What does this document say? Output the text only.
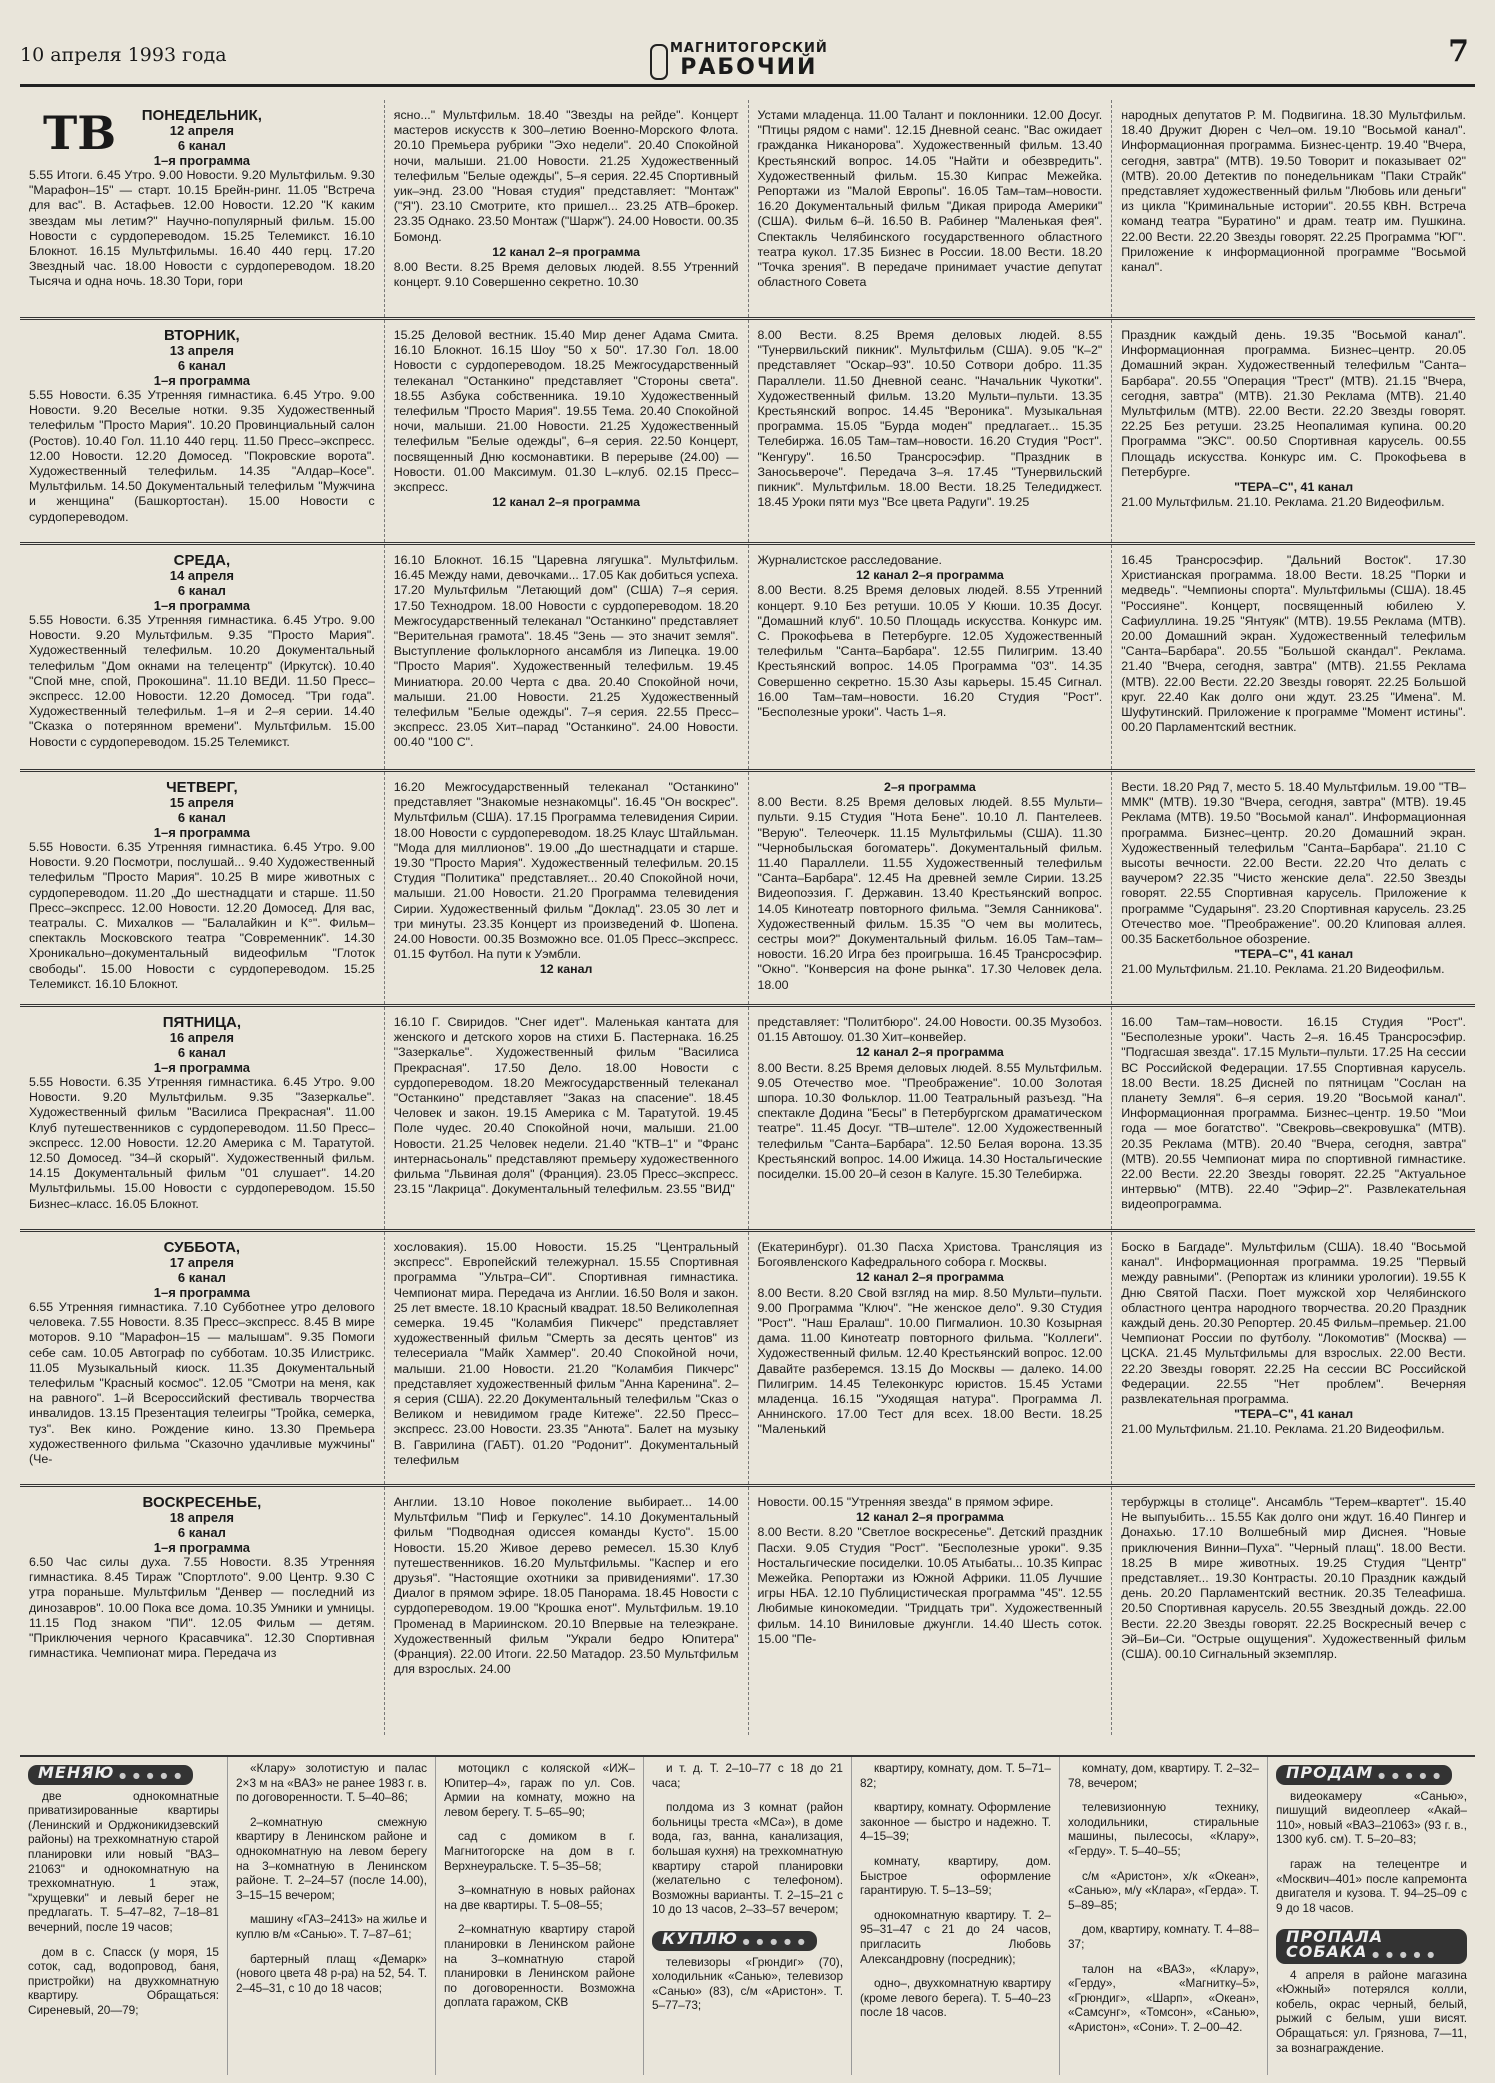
10 апреля 1993 года	МАГНИТОГОРСКИЙ
РАБОЧИЙ	7
ТВ	ПОНЕДЕЛЬНИК,
12 апреля
6 канал
1–я программа
5.55 Итоги. 6.45 Утро. 9.00 Новости. 9.20 Мультфильм. 9.30 "Марафон–15" — старт. 10.15 Брейн-ринг. 11.05 "Встреча для вас". В. Астафьев. 12.00 Новости. 12.20 "К каким звездам мы летим?" Научно-популярный фильм. 15.00 Новости с сурдопереводом. 15.25 Телемикст. 16.10 Блокнот. 16.15 Мультфильмы. 16.40 440 герц. 17.20 Звездный час. 18.00 Новости с сурдопереводом. 18.20 Тысяча и одна ночь. 18.30 Тори, гори
ясно..." Мультфильм. 18.40 "Звезды на рейде". Концерт мастеров искусств к 300–летию Военно-Морского Флота. 20.10 Премьера рубрики "Эхо недели". 20.40 Спокойной ночи, малыши. 21.00 Новости. 21.25 Художественный телефильм "Белые одежды", 5–я серия. 22.45 Спортивный уик–энд. 23.00 "Новая студия" представляет: "Монтаж" ("Я"). 23.10 Смотрите, кто пришел... 23.25 АТВ–брокер. 23.35 Однако. 23.50 Монтаж ("Шарж"). 24.00 Новости. 00.35 Бомонд.
12 канал 2–я программа
8.00 Вести. 8.25 Время деловых людей. 8.55 Утренний концерт. 9.10 Совершенно секретно. 10.30
Устами младенца. 11.00 Талант и поклонники. 12.00 Досуг. "Птицы рядом с нами". 12.15 Дневной сеанс. "Вас ожидает гражданка Никанорова". Художественный фильм. 13.40 Крестьянский вопрос. 14.05 "Найти и обезвредить". Художественный фильм. 15.30 Кипрас Межейка. Репортажи из "Малой Европы". 16.05 Там–там–новости. 16.20 Документальный фильм "Дикая природа Америки" (США). Фильм 6–й. 16.50 В. Рабинер "Маленькая фея". Спектакль Челябинского государственного областного театра кукол. 17.35 Бизнес в России. 18.00 Вести. 18.20 "Точка зрения". В передаче принимает участие депутат областного Совета
народных депутатов Р. М. Подвигина. 18.30 Мультфильм. 18.40 Дружит Дюрен с Чел–ом. 19.10 "Восьмой канал". Информационная программа. Бизнес-центр. 19.40 "Вчера, сегодня, завтра" (МТВ). 19.50 Товорит и показывает 02" (МТВ). 20.00 Детектив по понедельникам "Паки Страйк" представляет художественный фильм "Любовь или деньги" из цикла "Криминальные истории". 20.55 КВН. Встреча команд театра "Буратино" и драм. театр им. Пушкина. 22.00 Вести. 22.20 Звезды говорят. 22.25 Программа "ЮГ". Приложение к информационной программе "Восьмой канал".
ВТОРНИК,
13 апреля
6 канал
1–я программа
5.55 Новости. 6.35 Утренняя гимнастика. 6.45 Утро. 9.00 Новости. 9.20 Веселые нотки. 9.35 Художественный телефильм "Просто Мария". 10.20 Провинциальный салон (Ростов). 10.40 Гол. 11.10 440 герц. 11.50 Пресс–экспресс. 12.00 Новости. 12.20 Домосед. "Покровские ворота". Художественный телефильм. 14.35 "Алдар–Косе". Мультфильм. 14.50 Документальный телефильм "Мужчина и женщина" (Башкортостан). 15.00 Новости с сурдопереводом.
15.25 Деловой вестник. 15.40 Мир денег Адама Смита. 16.10 Блокнот. 16.15 Шоу "50 х 50". 17.30 Гол. 18.00 Новости с сурдопереводом. 18.25 Межгосударственный телеканал "Останкино" представляет "Стороны света". 18.55 Азбука собственника. 19.10 Художественный телефильм "Просто Мария". 19.55 Тема. 20.40 Спокойной ночи, малыши. 21.00 Новости. 21.25 Художественный телефильм "Белые одежды", 6–я серия. 22.50 Концерт, посвященный Дню космонавтики. В перерыве (24.00) — Новости. 01.00 Максимум. 01.30 L–клуб. 02.15 Пресс–экспресс.
12 канал 2–я программа
8.00 Вести. 8.25 Время деловых людей. 8.55 "Тунервильский пикник". Мультфильм (США). 9.05 "К–2" представляет "Оскар–93". 10.50 Сотвори добро. 11.35 Параллели. 11.50 Дневной сеанс. "Начальник Чукотки". Художественный фильм. 13.20 Мульти–пульти. 13.35 Крестьянский вопрос. 14.45 "Вероника". Музыкальная программа. 15.05 "Бурда моден" предлагает... 15.35 Телебиржа. 16.05 Там–там–новости. 16.20 Студия "Рост". "Кенгуру". 16.50 Трансросэфир. "Праздник в Заносьвероче". Передача 3–я. 17.45 "Тунервильский пикник". Мультфильм. 18.00 Вести. 18.25 Теледиджест. 18.45 Уроки пяти муз "Все цвета Радуги". 19.25
Праздник каждый день. 19.35 "Восьмой канал". Информационная программа. Бизнес–центр. 20.05 Домашний экран. Художественный телефильм "Санта–Барбара". 20.55 "Операция "Трест" (МТВ). 21.15 "Вчера, сегодня, завтра" (МТВ). 21.30 Реклама (МТВ). 21.40 Мультфильм (МТВ). 22.00 Вести. 22.20 Звезды говорят. 22.25 Без ретуши. 23.25 Неопалимая купина. 00.20 Программа "ЭКС". 00.50 Спортивная карусель. 00.55 Площадь искусства. Конкурс им. С. Прокофьева в Петербурге.
"ТЕРА–С", 41 канал
21.00 Мультфильм. 21.10. Реклама. 21.20 Видеофильм.
СРЕДА,
14 апреля
6 канал
1–я программа
5.55 Новости. 6.35 Утренняя гимнастика. 6.45 Утро. 9.00 Новости. 9.20 Мультфильм. 9.35 "Просто Мария". Художественный телефильм. 10.20 Документальный телефильм "Дом окнами на телецентр" (Иркутск). 10.40 "Спой мне, спой, Прокошина". 11.10 ВЕДИ. 11.50 Пресс–экспресс. 12.00 Новости. 12.20 Домосед. "Три года". Художественный телефильм. 1–я и 2–я серии. 14.40 "Сказка о потерянном времени". Мультфильм. 15.00 Новости с сурдопереводом. 15.25 Телемикст.
16.10 Блокнот. 16.15 "Царевна лягушка". Мультфильм. 16.45 Между нами, девочками... 17.05 Как добиться успеха. 17.20 Мультфильм "Летающий дом" (США) 7–я серия. 17.50 Технодром. 18.00 Новости с сурдопереводом. 18.20 Межгосударственный телеканал "Останкино" представляет "Верительная грамота". 18.45 "Зень — это значит земля". Выступление фольклорного ансамбля из Липецка. 19.00 "Просто Мария". Художественный телефильм. 19.45 Миниатюра. 20.00 Черта с два. 20.40 Спокойной ночи, малыши. 21.00 Новости. 21.25 Художественный телефильм "Белые одежды". 7–я серия. 22.55 Пресс–экспресс. 23.05 Хит–парад "Останкино". 24.00 Новости. 00.40 "100 С".
Журналистское расследование.
12 канал 2–я программа
8.00 Вести. 8.25 Время деловых людей. 8.55 Утренний концерт. 9.10 Без ретуши. 10.05 У Кюши. 10.35 Досуг. "Домашний клуб". 10.50 Площадь искусства. Конкурс им. С. Прокофьева в Петербурге. 12.05 Художественный телефильм "Санта–Барбара". 12.55 Пилигрим. 13.40 Крестьянский вопрос. 14.05 Программа "03". 14.35 Совершенно секретно. 15.30 Азы карьеры. 15.45 Сигнал. 16.00 Там–там–новости. 16.20 Студия "Рост". "Бесполезные уроки". Часть 1–я.
16.45 Трансросэфир. "Дальний Восток". 17.30 Христианская программа. 18.00 Вести. 18.25 "Порки и медведь". "Чемпионы спорта". Мультфильмы (США). 18.45 "Россияне". Концерт, посвященный юбилею У. Сафиуллина. 19.25 "Янтуяк" (МТВ). 19.55 Реклама (МТВ). 20.00 Домашний экран. Художественный телефильм "Санта–Барбара". 20.55 "Большой скандал". Реклама. 21.40 "Вчера, сегодня, завтра" (МТВ). 21.55 Реклама (МТВ). 22.00 Вести. 22.20 Звезды говорят. 22.25 Большой круг. 22.40 Как долго они ждут. 23.25 "Имена". М. Шуфутинский. Приложение к программе "Момент истины". 00.20 Парламентский вестник.
ЧЕТВЕРГ,
15 апреля
6 канал
1–я программа
5.55 Новости. 6.35 Утренняя гимнастика. 6.45 Утро. 9.00 Новости. 9.20 Посмотри, послушай... 9.40 Художественный телефильм "Просто Мария". 10.25 В мире животных с сурдопереводом. 11.20 „До шестнадцати и старше. 11.50 Пресс–экспресс. 12.00 Новости. 12.20 Домосед. Для вас, театралы. С. Михалков — "Балалайкин и К°". Фильм–спектакль Московского театра "Современник". 14.30 Хроникально–документальный видеофильм "Глоток свободы". 15.00 Новости с сурдопереводом. 15.25 Телемикст. 16.10 Блокнот.
16.20 Межгосударственный телеканал "Останкино" представляет "Знакомые незнакомцы". 16.45 "Он воскрес". Мультфильм (США). 17.15 Программа телевидения Сирии. 18.00 Новости с сурдопереводом. 18.25 Клаус Штайльман. "Мода для миллионов". 19.00 „До шестнадцати и старше. 19.30 "Просто Мария". Художественный телефильм. 20.15 Студия "Политика" представляет... 20.40 Спокойной ночи, малыши. 21.00 Новости. 21.20 Программа телевидения Сирии. Художественный фильм "Доклад". 23.05 30 лет и три минуты. 23.35 Концерт из произведений Ф. Шопена. 24.00 Новости. 00.35 Возможно все. 01.05 Пресс–экспресс. 01.15 Футбол. На пути к Уэмбли.
12 канал
2–я программа
8.00 Вести. 8.25 Время деловых людей. 8.55 Мульти–пульти. 9.15 Студия "Нота Бене". 10.10 Л. Пантелеев. "Верую". Телеочерк. 11.15 Мультфильмы (США). 11.30 "Чернобыльская богоматерь". Документальный фильм. 11.40 Параллели. 11.55 Художественный телефильм "Санта–Барбара". 12.45 На древней земле Сирии. 13.25 Видеопоэзия. Г. Державин. 13.40 Крестьянский вопрос. 14.05 Кинотеатр повторного фильма. "Земля Санникова". Художественный фильм. 15.35 "О чем вы молитесь, сестры мои?" Документальный фильм. 16.05 Там–там–новости. 16.20 Игра без проигрыша. 16.45 Трансросэфир. "Окно". "Конверсия на фоне рынка". 17.30 Человек дела. 18.00
Вести. 18.20 Ряд 7, место 5. 18.40 Мультфильм. 19.00 "ТВ–ММК" (МТВ). 19.30 "Вчера, сегодня, завтра" (МТВ). 19.45 Реклама (МТВ). 19.50 "Восьмой канал". Информационная программа. Бизнес–центр. 20.20 Домашний экран. Художественный телефильм "Санта–Барбара". 21.10 С высоты вечности. 22.00 Вести. 22.20 Что делать с ваучером? 22.35 "Чисто женские дела". 22.50 Звезды говорят. 22.55 Спортивная карусель. Приложение к программе "Сударыня". 23.20 Спортивная карусель. 23.25 Отечество мое. "Преображение". 00.20 Клиповая аллея. 00.35 Баскетбольное обозрение.
"ТЕРА–С", 41 канал
21.00 Мультфильм. 21.10. Реклама. 21.20 Видеофильм.
ПЯТНИЦА,
16 апреля
6 канал
1–я программа
5.55 Новости. 6.35 Утренняя гимнастика. 6.45 Утро. 9.00 Новости. 9.20 Мультфильм. 9.35 "Зазеркалье". Художественный фильм "Василиса Прекрасная". 11.00 Клуб путешественников с сурдопереводом. 11.50 Пресс–экспресс. 12.00 Новости. 12.20 Америка с М. Таратутой. 12.50 Домосед. "34–й скорый". Художественный фильм. 14.15 Документальный фильм "01 слушает". 14.20 Мультфильмы. 15.00 Новости с сурдопереводом. 15.50 Бизнес–класс. 16.05 Блокнот.
16.10 Г. Свиридов. "Снег идет". Маленькая кантата для женского и детского хоров на стихи Б. Пастернака. 16.25 "Зазеркалье". Художественный фильм "Василиса Прекрасная". 17.50 Дело. 18.00 Новости с сурдопереводом. 18.20 Межгосударственный телеканал "Останкино" представляет "Заказ на спасение". 18.45 Человек и закон. 19.15 Америка с М. Таратутой. 19.45 Поле чудес. 20.40 Спокойной ночи, малыши. 21.00 Новости. 21.25 Человек недели. 21.40 "КТВ–1" и "Франс интернасьональ" представляют премьеру художественного фильма "Львиная доля" (Франция). 23.05 Пресс–экспресс. 23.15 "Лакрица". Документальный телефильм. 23.55 "ВИД"
представляет: "Политбюро". 24.00 Новости. 00.35 Музобоз. 01.15 Автошоу. 01.30 Хит–конвейер.
12 канал 2–я программа
8.00 Вести. 8.25 Время деловых людей. 8.55 Мультфильм. 9.05 Отечество мое. "Преображение". 10.00 Золотая шпора. 10.30 Фольклор. 11.00 Театральный разъезд. "На спектакле Додина "Бесы" в Петербургском драматическом театре". 11.45 Досуг. "ТВ–штеле". 12.00 Художественный телефильм "Санта–Барбара". 12.50 Белая ворона. 13.35 Крестьянский вопрос. 14.00 Ижица. 14.30 Ностальгические посиделки. 15.00 20–й сезон в Калуге. 15.30 Телебиржа.
16.00 Там–там–новости. 16.15 Студия "Рост". "Бесполезные уроки". Часть 2–я. 16.45 Трансросэфир. "Подгасшая звезда". 17.15 Мульти–пульти. 17.25 На сессии ВС Российской Федерации. 17.55 Спортивная карусель. 18.00 Вести. 18.25 Дисней по пятницам "Сослан на планету Земля". 6–я серия. 19.20 "Восьмой канал". Информационная программа. Бизнес–центр. 19.50 "Мои года — мое богатство". "Свекровь–свекровушка" (МТВ). 20.35 Реклама (МТВ). 20.40 "Вчера, сегодня, завтра" (МТВ). 20.55 Чемпионат мира по спортивной гимнастике. 22.00 Вести. 22.20 Звезды говорят. 22.25 "Актуальное интервью" (МТВ). 22.40 "Эфир–2". Развлекательная видеопрограмма.
СУББОТА,
17 апреля
6 канал
1–я программа
6.55 Утренняя гимнастика. 7.10 Субботнее утро делового человека. 7.55 Новости. 8.35 Пресс–экспресс. 8.45 В мире моторов. 9.10 "Марафон–15 — малышам". 9.35 Помоги себе сам. 10.05 Автограф по субботам. 10.35 Илистрикс. 11.05 Музыкальный киоск. 11.35 Документальный телефильм "Красный космос". 12.05 "Смотри на меня, как на равного". 1–й Всероссийский фестиваль творчества инвалидов. 13.15 Презентация телеигры "Тройка, семерка, туз". Век кино. Рождение кино. 13.30 Премьера художественного фильма "Сказочно удачливые мужчины" (Че-
хословакия). 15.00 Новости. 15.25 "Центральный экспресс". Европейский тележурнал. 15.55 Спортивная программа "Ультра–СИ". Спортивная гимнастика. Чемпионат мира. Передача из Англии. 16.50 Воля и закон. 25 лет вместе. 18.10 Красный квадрат. 18.50 Великолепная семерка. 19.45 "Коламбия Пикчерс" представляет художественный фильм "Смерть за десять центов" из телесериала "Майк Хаммер". 20.40 Спокойной ночи, малыши. 21.00 Новости. 21.20 "Коламбия Пикчерс" представляет художественный фильм "Анна Каренина". 2–я серия (США). 22.20 Документальный телефильм "Сказ о Великом и невидимом граде Китеже". 22.50 Пресс–экспресс. 23.00 Новости. 23.35 "Анюта". Балет на музыку В. Гаврилина (ГАБТ). 01.20 "Родонит". Документальный телефильм
(Екатеринбург). 01.30 Пасха Христова. Трансляция из Богоявленского Кафедрального собора г. Москвы.
12 канал 2–я программа
8.00 Вести. 8.20 Свой взгляд на мир. 8.50 Мульти–пульти. 9.00 Программа "Ключ". "Не женское дело". 9.30 Студия "Рост". "Наш Ералаш". 10.00 Пигмалион. 10.30 Козырная дама. 11.00 Кинотеатр повторного фильма. "Коллеги". Художественный фильм. 12.40 Крестьянский вопрос. 12.00 Давайте разберемся. 13.15 До Москвы — далеко. 14.00 Пилигрим. 14.45 Телеконкурс юристов. 15.45 Устами младенца. 16.15 "Уходящая натура". Программа Л. Аннинского. 17.00 Тест для всех. 18.00 Вести. 18.25 "Маленький
Боско в Багдаде". Мультфильм (США). 18.40 "Восьмой канал". Информационная программа. 19.25 "Первый между равными". (Репортаж из клиники урологии). 19.55 К Дню Святой Пасхи. Поет мужской хор Челябинского областного центра народного творчества. 20.20 Праздник каждый день. 20.30 Репортер. 20.45 Фильм–премьер. 21.00 Чемпионат России по футболу. "Локомотив" (Москва) — ЦСКА. 21.45 Мультфильмы для взрослых. 22.00 Вести. 22.20 Звезды говорят. 22.25 На сессии ВС Российской Федерации. 22.55 "Нет проблем". Вечерняя развлекательная программа.
"ТЕРА–С", 41 канал
21.00 Мультфильм. 21.10. Реклама. 21.20 Видеофильм.
ВОСКРЕСЕНЬЕ,
18 апреля
6 канал
1–я программа
6.50 Час силы духа. 7.55 Новости. 8.35 Утренняя гимнастика. 8.45 Тираж "Спортлото". 9.00 Центр. 9.30 С утра пораньше. Мультфильм "Денвер — последний из динозавров". 10.00 Пока все дома. 10.35 Умники и умницы. 11.15 Под знаком "ПИ". 12.05 Фильм — детям. "Приключения черного Красавчика". 12.30 Спортивная гимнастика. Чемпионат мира. Передача из
Англии. 13.10 Новое поколение выбирает... 14.00 Мультфильм "Пиф и Геркулес". 14.10 Документальный фильм "Подводная одиссея команды Кусто". 15.00 Новости. 15.20 Живое дерево ремесел. 15.30 Клуб путешественников. 16.20 Мультфильмы. "Каспер и его друзья". "Настоящие охотники за привидениями". 17.30 Диалог в прямом эфире. 18.05 Панорама. 18.45 Новости с сурдопереводом. 19.00 "Крошка енот". Мультфильм. 19.10 Променад в Мариинском. 20.10 Впервые на телеэкране. Художественный фильм "Украли бедро Юпитера" (Франция). 22.00 Итоги. 22.50 Матадор. 23.50 Мультфильм для взрослых. 24.00
Новости. 00.15 "Утренняя звезда" в прямом эфире.
12 канал 2–я программа
8.00 Вести. 8.20 "Светлое воскресенье". Детский праздник Пасхи. 9.05 Студия "Рост". "Бесполезные уроки". 9.35 Ностальгические посиделки. 10.05 Атыбаты... 10.35 Кипрас Межейка. Репортажи из Южной Африки. 11.05 Лучшие игры НБА. 12.10 Публицистическая программа "45". 12.55 Любимые кинокомедии. "Тридцать три". Художественный фильм. 14.10 Виниловые джунгли. 14.40 Шесть соток. 15.00 "Пе-
тербуржцы в столице". Ансамбль "Терем–квартет". 15.40 Не выпуыбить... 15.55 Как долго они ждут. 16.40 Пингер и Донахью. 17.10 Волшебный мир Диснея. "Новые приключения Винни–Пуха". "Черный плащ". 18.00 Вести. 18.25 В мире животных. 19.25 Студия "Центр" представляет... 19.30 Контрасты. 20.10 Праздник каждый день. 20.20 Парламентский вестник. 20.35 Телеафиша. 20.50 Спортивная карусель. 20.55 Звездный дождь. 22.00 Вести. 22.20 Звезды говорят. 22.25 Воскресный вечер с Эй–Би–Си. "Острые ощущения". Художественный фильм (США). 00.10 Сигнальный экземпляр.
МЕНЯЮ ● ● ● ● ●
две однокомнатные приватизированные квартиры (Ленинский и Орджоникидзевский районы) на трехкомнатную старой планировки или новый "ВАЗ–21063" и однокомнатную на трехкомнатную. 1 этаж, "хрущевки" и левый берег не предлагать. Т. 5–47–82, 7–18–81 вечерний, после 19 часов;
дом в с. Спасск (у моря, 15 соток, сад, водопровод, баня, пристройки) на двухкомнатную квартиру. Обращаться: Сиреневый, 20—79;
«Клару» золотистую и палас 2×3 м на «ВАЗ» не ранее 1983 г. в. по договоренности. Т. 5–40–86;
2–комнатную смежную квартиру в Ленинском районе и однокомнатную на левом берегу на 3–комнатную в Ленинском районе. Т. 2–24–57 (после 14.00), 3–15–15 вечером;
машину «ГАЗ–2413» на жилье и куплю в/м «Санью». Т. 7–87–61;
бартерный плащ «Демарк» (нового цвета 48 р-ра) на 52, 54. Т. 2–45–31, с 10 до 18 часов;
мотоцикл с коляской «ИЖ–Юпитер–4», гараж по ул. Сов. Армии на комнату, можно на левом берегу. Т. 5–65–90;
сад с домиком в г. Магнитогорске на дом в г. Верхнеуральске. Т. 5–35–58;
3–комнатную в новых районах на две квартиры. Т. 5–08–55;
2–комнатную квартиру старой планировки в Ленинском районе на 3–комнатную старой планировки в Ленинском районе по договоренности. Возможна доплата гаражом, СКВ
и т. д. Т. 2–10–77 с 18 до 21 часа;
полдома из 3 комнат (район больницы треста «МСа»), в доме вода, газ, ванна, канализация, большая кухня) на трехкомнатную квартиру старой планировки (желательно с телефоном). Возможны варианты. Т. 2–15–21 с 10 до 13 часов, 2–33–57 вечером;
КУПЛЮ ● ● ● ● ●
телевизоры «Грюндиг» (70), холодильник «Санью», телевизор «Санью» (83), с/м «Аристон». Т. 5–77–73;
квартиру, комнату, дом. Т. 5–71–82;
квартиру, комнату. Оформление законное — быстро и надежно. Т. 4–15–39;
комнату, квартиру, дом. Быстрое оформление гарантирую. Т. 5–13–59;
однокомнатную квартиру. Т. 2–95–31–47 с 21 до 24 часов, пригласить Любовь Александровну (посредник);
одно–, двухкомнатную квартиру (кроме левого берега). Т. 5–40–23 после 18 часов.
комнату, дом, квартиру. Т. 2–32–78, вечером;
телевизионную технику, холодильники, стиральные машины, пылесосы, «Клару», «Герду». Т. 5–40–55;
с/м «Аристон», х/к «Океан», «Санью», м/у «Клара», «Герда». Т. 5–89–85;
дом, квартиру, комнату. Т. 4–88–37;
талон на «ВАЗ», «Клару», «Герду», «Магнитку–5», «Грюндиг», «Шарп», «Океан», «Самсунг», «Томсон», «Санью», «Аристон», «Сони». Т. 2–00–42.
ПРОДАМ ● ● ● ● ●
видеокамеру «Санью», пишущий видеоплеер «Акай–110», новый «ВАЗ–21063» (93 г. в., 1300 куб. см). Т. 5–20–83;
гараж на телецентре и «Москвич–401» после капремонта двигателя и кузова. Т. 94–25–09 с 9 до 18 часов.
ПРОПАЛА СОБАКА ● ● ● ● ●
4 апреля в районе магазина «Южный» потерялся колли, кобель, окрас черный, белый, рыжий с белым, уши висят. Обращаться: ул. Грязнова, 7—11, за вознаграждение.
